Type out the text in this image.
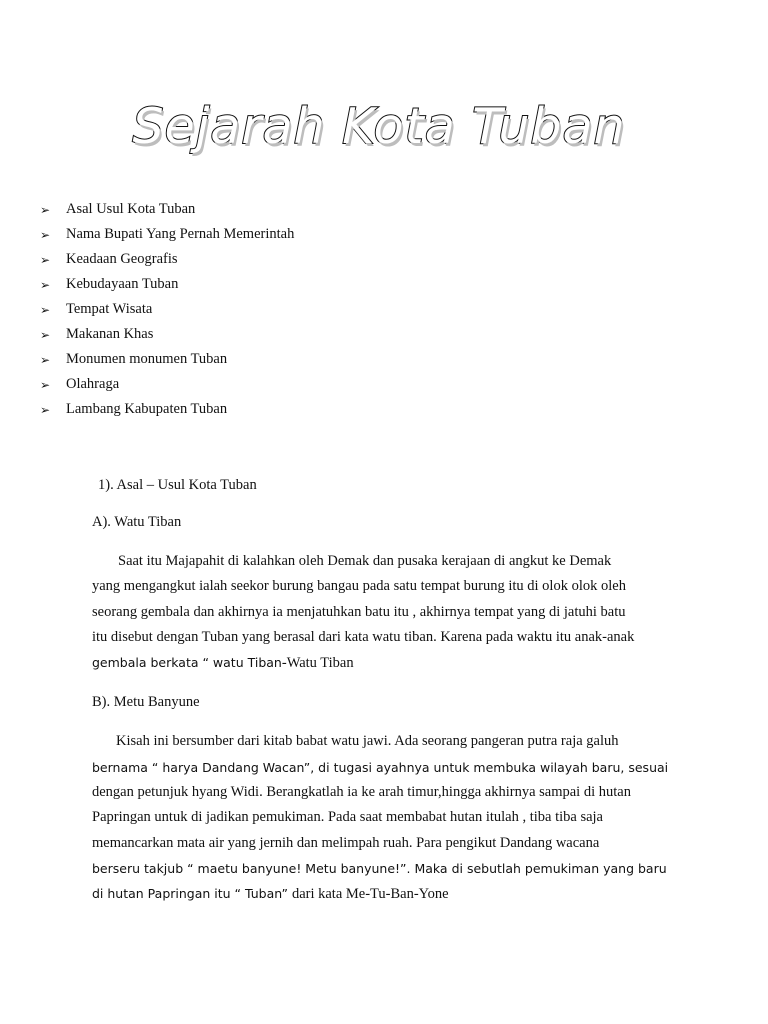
Sejarah Kota Tuban
➢	Asal Usul Kota Tuban
➢	Nama Bupati Yang Pernah Memerintah
➢	Keadaan Geografis
➢	Kebudayaan Tuban
➢	Tempat Wisata
➢	Makanan Khas
➢	Monumen monumen Tuban
➢	Olahraga
➢	Lambang Kabupaten Tuban
1). Asal – Usul Kota Tuban
A). Watu Tiban
Saat itu Majapahit di kalahkan oleh Demak dan pusaka kerajaan di angkut ke Demak
yang mengangkut ialah seekor burung bangau pada satu tempat burung itu di olok olok oleh
seorang gembala dan akhirnya ia menjatuhkan batu itu , akhirnya tempat yang di jatuhi batu
itu disebut dengan Tuban yang berasal dari kata watu tiban. Karena pada waktu itu anak-anak
gembala berkata “ watu Tiban-Watu Tiban
B). Metu Banyune
Kisah ini bersumber dari kitab babat watu jawi. Ada seorang pangeran putra raja galuh
bernama “ harya Dandang Wacan”, di tugasi ayahnya untuk membuka wilayah baru, sesuai
dengan petunjuk hyang Widi. Berangkatlah ia ke arah timur,hingga akhirnya sampai di hutan
Papringan untuk di jadikan pemukiman. Pada saat membabat hutan itulah , tiba tiba saja
memancarkan mata air yang jernih dan melimpah ruah. Para pengikut Dandang wacana
berseru takjub “ maetu banyune! Metu banyune!”. Maka di sebutlah pemukiman yang baru
di hutan Papringan itu “ Tuban” dari kata Me-Tu-Ban-Yone
